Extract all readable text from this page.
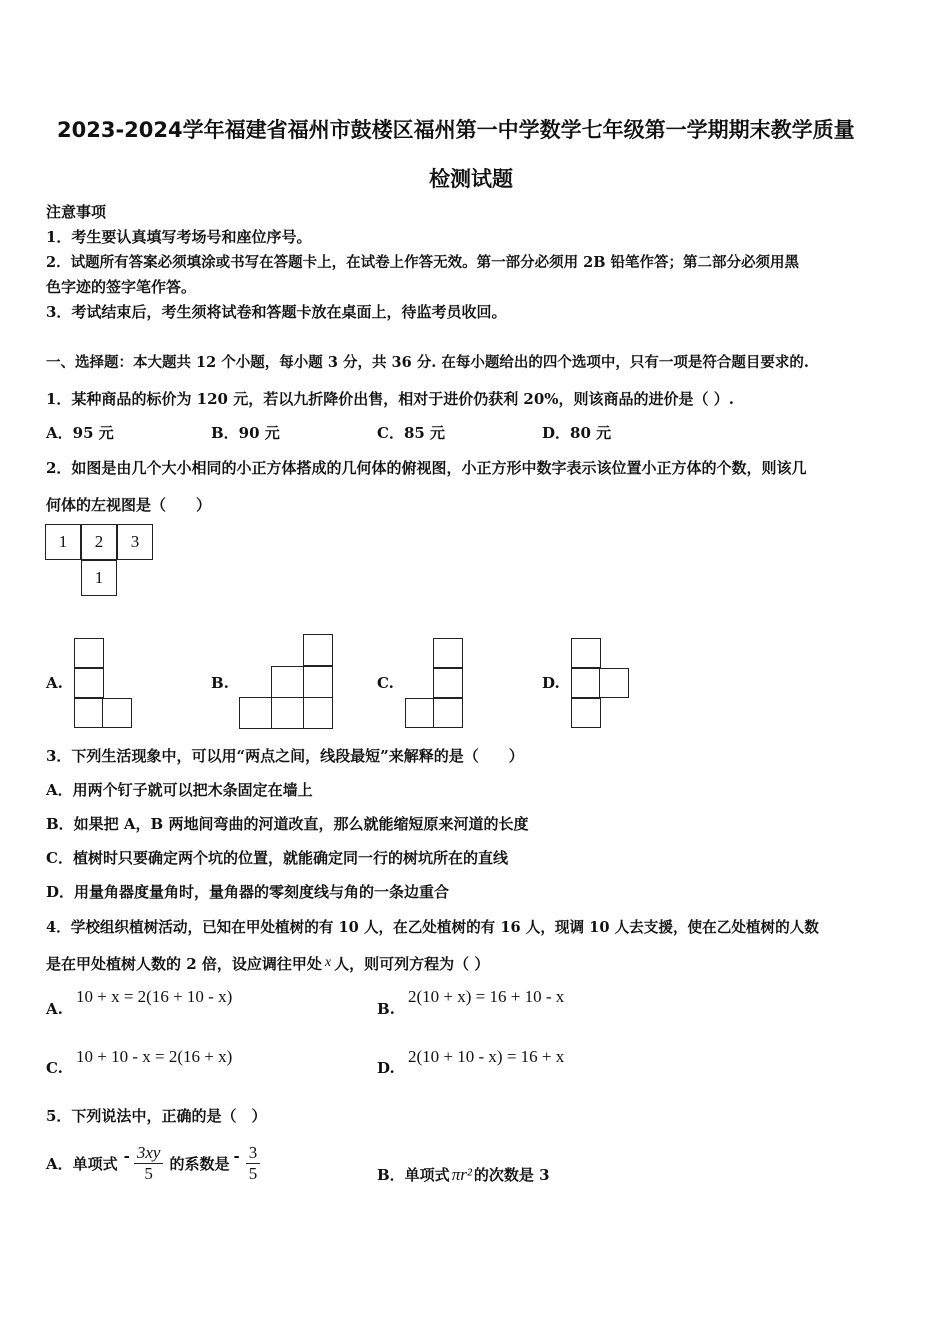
2023-2024学年福建省福州市鼓楼区福州第一中学数学七年级第一学期期末教学质量
检测试题
注意事项
1．考生要认真填写考场号和座位序号。
2．试题所有答案必须填涂或书写在答题卡上，在试卷上作答无效。第一部分必须用 2B 铅笔作答；第二部分必须用黑
色字迹的签字笔作答。
3．考试结束后，考生须将试卷和答题卡放在桌面上，待监考员收回。
一、选择题：本大题共 12 个小题，每小题 3 分，共 36 分. 在每小题给出的四个选项中，只有一项是符合题目要求的.
1．某种商品的标价为 120 元，若以九折降价出售，相对于进价仍获利 20%，则该商品的进价是（ ）.
A．95 元	B．90 元	C．85 元	D．80 元
2．如图是由几个大小相同的小正方体搭成的几何体的俯视图，小正方形中数字表示该位置小正方体的个数，则该几
何体的左视图是（　　）
1	2	3
1
A.	B.	C.	D.
3．下列生活现象中，可以用“两点之间，线段最短”来解释的是（　　）
A．用两个钉子就可以把木条固定在墙上
B．如果把 A，B 两地间弯曲的河道改直，那么就能缩短原来河道的长度
C．植树时只要确定两个坑的位置，就能确定同一行的树坑所在的直线
D．用量角器度量角时，量角器的零刻度线与角的一条边重合
4．学校组织植树活动，已知在甲处植树的有 10 人，在乙处植树的有 16 人，现调 10 人去支援，使在乙处植树的人数
是在甲处植树人数的 2 倍，设应调往甲处 x 人，则可列方程为（ ）
A.
10 + x = 2(16 + 10 - x)
B.
2(10 + x) = 16 + 10 - x
C.
10 + 10 - x = 2(16 + x)
D.
2(10 + 10 - x) = 16 + x
5．下列说法中，正确的是（　）
A．单项式 - $\frac{3xy}{5}$ 的系数是 - $\frac{3}{5}$	B．单项式 πr² 的次数是 3
